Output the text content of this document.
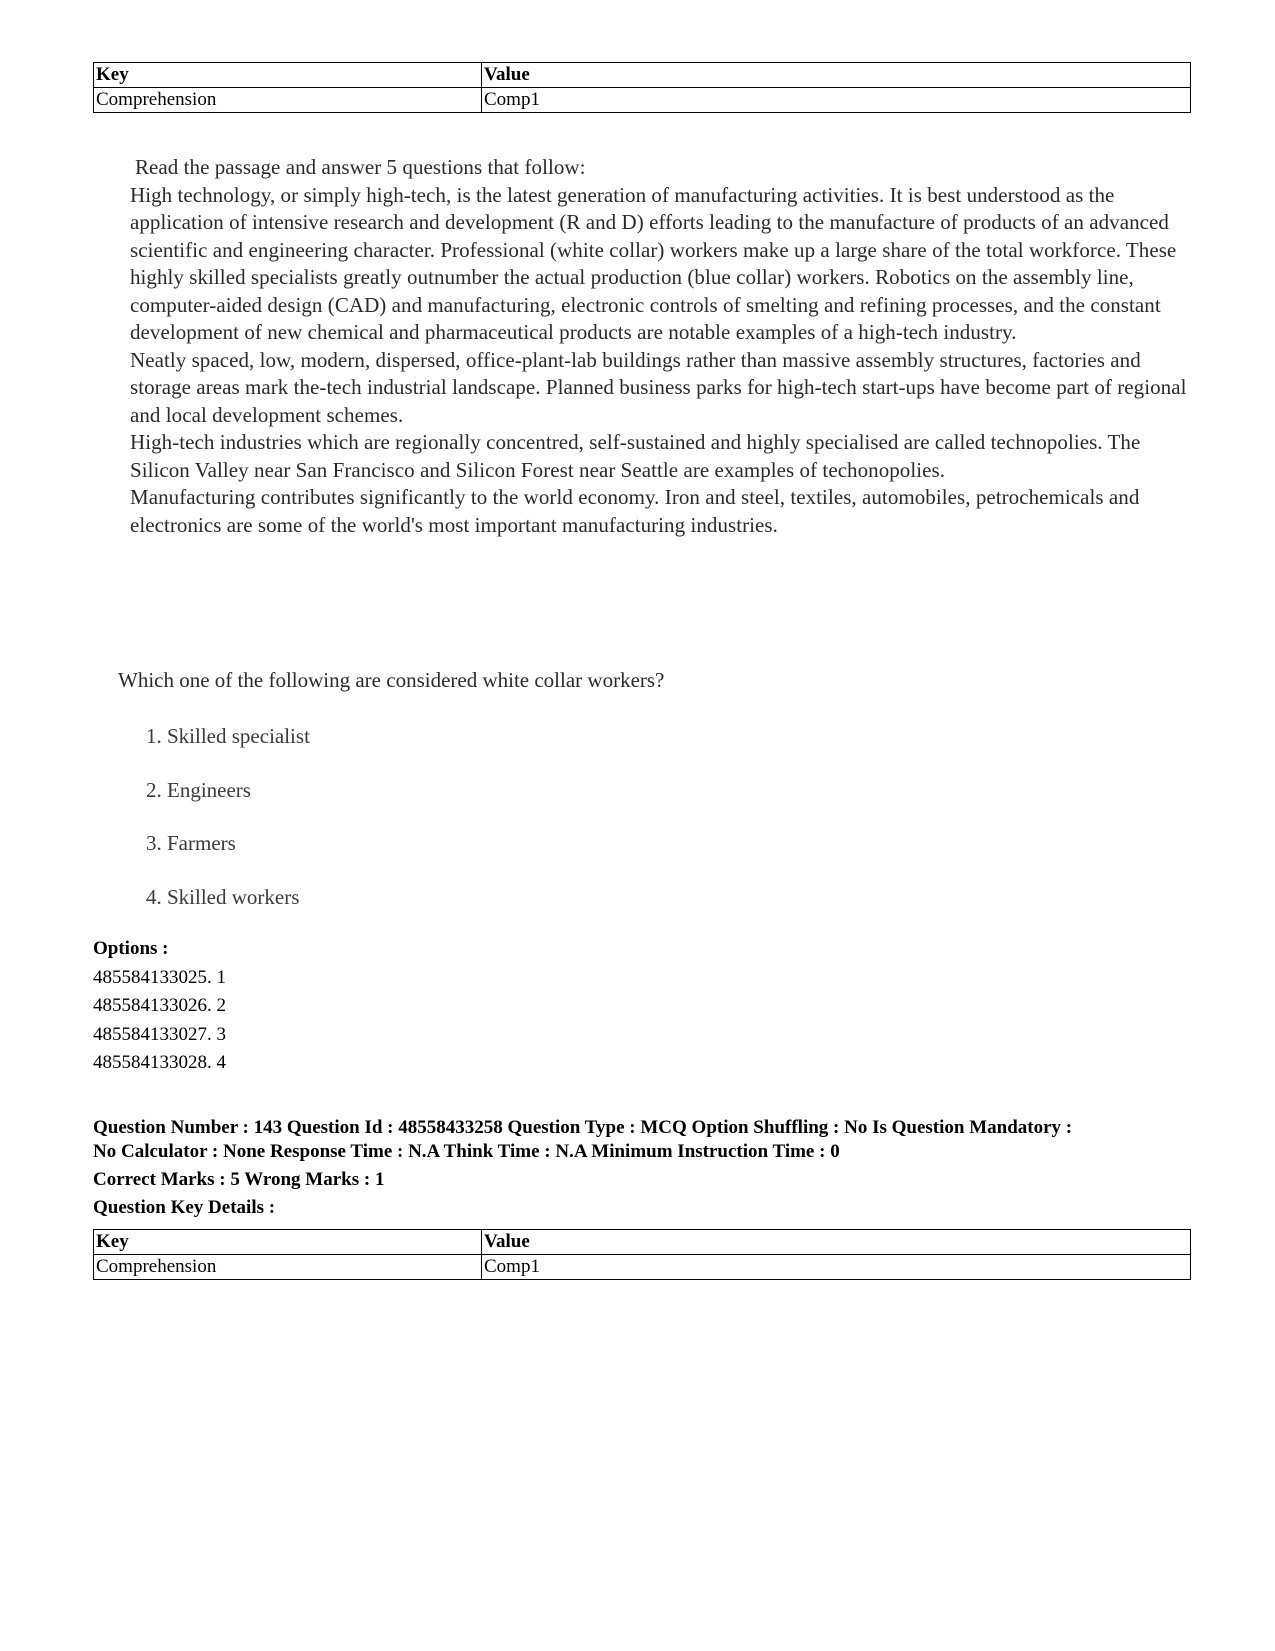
Key	Value
Comprehension	Comp1

Read the passage and answer 5 questions that follow:

High technology, or simply high-tech, is the latest generation of manufacturing activities. It is best understood as the application of intensive research and development (R and D) efforts leading to the manufacture of products of an advanced scientific and engineering character. Professional (white collar) workers make up a large share of the total workforce. These highly skilled specialists greatly outnumber the actual production (blue collar) workers. Robotics on the assembly line, computer-aided design (CAD) and manufacturing, electronic controls of smelting and refining processes, and the constant development of new chemical and pharmaceutical products are notable examples of a high-tech industry.

Neatly spaced, low, modern, dispersed, office-plant-lab buildings rather than massive assembly structures, factories and storage areas mark the-tech industrial landscape. Planned business parks for high-tech start-ups have become part of regional and local development schemes.

High-tech industries which are regionally concentred, self-sustained and highly specialised are called technopolies. The Silicon Valley near San Francisco and Silicon Forest near Seattle are examples of techonopolies.

Manufacturing contributes significantly to the world economy. Iron and steel, textiles, automobiles, petrochemicals and electronics are some of the world's most important manufacturing industries.

Which one of the following are considered white collar workers?
1. Skilled specialist
2. Engineers
3. Farmers
4. Skilled workers
Options :
485584133025. 1
485584133026. 2
485584133027. 3
485584133028. 4
Question Number : 143 Question Id : 48558433258 Question Type : MCQ Option Shuffling : No Is Question Mandatory :
No Calculator : None Response Time : N.A Think Time : N.A Minimum Instruction Time : 0
Correct Marks : 5 Wrong Marks : 1
Question Key Details :
Key	Value
Comprehension	Comp1
